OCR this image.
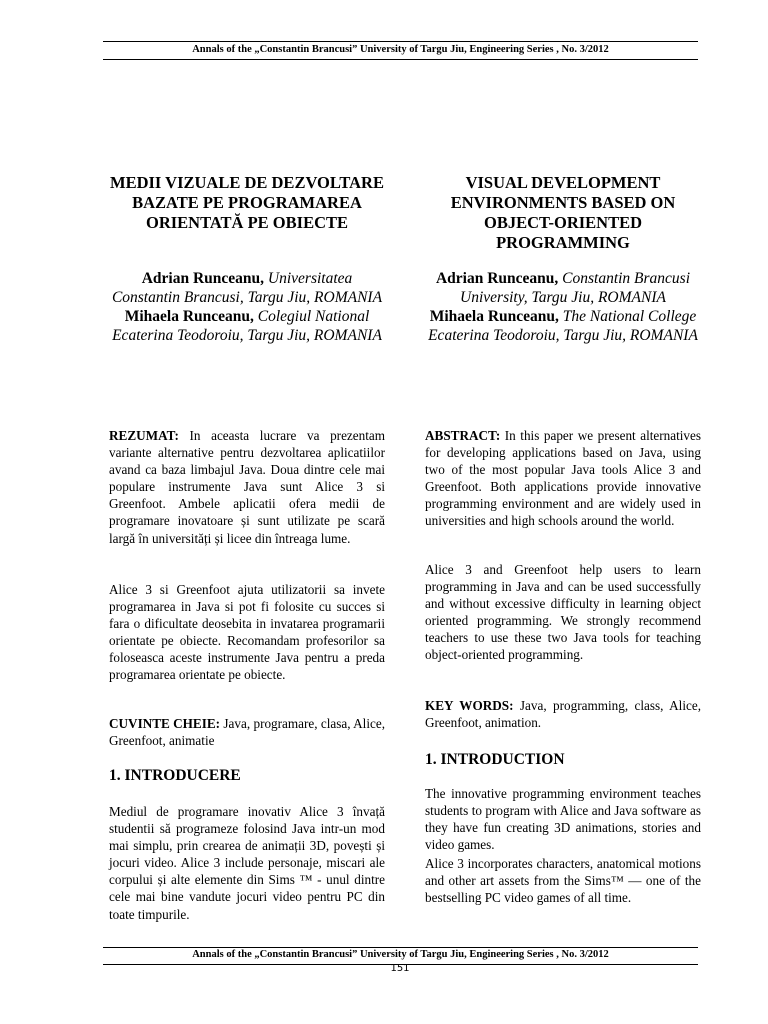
Annals of the „Constantin Brancusi” University of Targu Jiu, Engineering Series , No. 3/2012
MEDII VIZUALE DE DEZVOLTARE BAZATE PE PROGRAMAREA ORIENTATĂ PE OBIECTE
Adrian Runceanu, Universitatea Constantin Brancusi, Targu Jiu, ROMANIA
Mihaela Runceanu, Colegiul National Ecaterina Teodoroiu, Targu Jiu, ROMANIA
REZUMAT: In aceasta lucrare va prezentam variante alternative pentru dezvoltarea aplicatiilor avand ca baza limbajul Java. Doua dintre cele mai populare instrumente Java sunt Alice 3 si Greenfoot. Ambele aplicatii ofera medii de programare inovatoare și sunt utilizate pe scară largă în universități și licee din întreaga lume.
Alice 3 si Greenfoot ajuta utilizatorii sa invete programarea in Java si pot fi folosite cu succes si fara o dificultate deosebita in invatarea programarii orientate pe obiecte. Recomandam profesorilor sa foloseasca aceste instrumente Java pentru a preda programarea orientate pe obiecte.
CUVINTE CHEIE: Java, programare, clasa, Alice, Greenfoot, animatie
1. INTRODUCERE
Mediul de programare inovativ Alice 3 învață studentii să programeze folosind Java intr-un mod mai simplu, prin crearea de animații 3D, povești și jocuri video. Alice 3 include personaje, miscari ale corpului și alte elemente din Sims ™ - unul dintre cele mai bine vandute jocuri video pentru PC din toate timpurile.
VISUAL DEVELOPMENT ENVIRONMENTS BASED ON OBJECT-ORIENTED PROGRAMMING
Adrian Runceanu, Constantin Brancusi University, Targu Jiu, ROMANIA
Mihaela Runceanu, The National College Ecaterina Teodoroiu, Targu Jiu, ROMANIA
ABSTRACT: In this paper we present alternatives for developing applications based on Java, using two of the most popular Java tools Alice 3 and Greenfoot. Both applications provide innovative programming environment and are widely used in universities and high schools around the world.
Alice 3 and Greenfoot help users to learn programming in Java and can be used successfully and without excessive difficulty in learning object oriented programming. We strongly recommend teachers to use these two Java tools for teaching object-oriented programming.
KEY WORDS: Java, programming, class, Alice, Greenfoot, animation.
1. INTRODUCTION
The innovative programming environment teaches students to program with Alice and Java software as they have fun creating 3D animations, stories and video games.
Alice 3 incorporates characters, anatomical motions and other art assets from the Sims™ — one of the bestselling PC video games of all time.
Annals of the „Constantin Brancusi” University of Targu Jiu, Engineering Series , No. 3/2012
151
